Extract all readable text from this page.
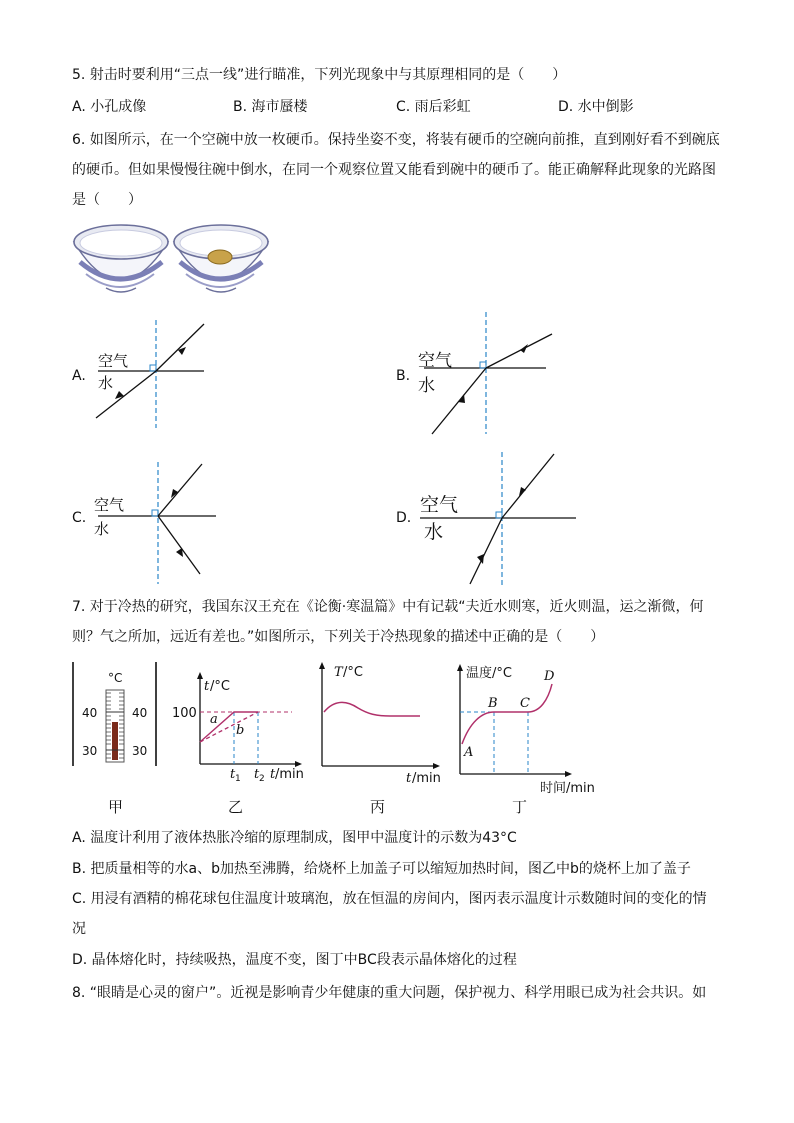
5. 射击时要利用“三点一线”进行瞄准，下列光现象中与其原理相同的是（　　）
A. 小孔成像	B. 海市蜃楼	C. 雨后彩虹	D. 水中倒影
6. 如图所示，在一个空碗中放一枚硬币。保持坐姿不变，将装有硬币的空碗向前推，直到刚好看不到碗底
的硬币。但如果慢慢往碗中倒水，在同一个观察位置又能看到碗中的硬币了。能正确解释此现象的光路图
是（　　）
A.
空气
水	B.
空气
水
C.
空气
水
D.
空气
水
7. 对于冷热的研究，我国东汉王充在《论衡·寒温篇》中有记载“夫近水则寒，近火则温，运之渐微，何
则？气之所加，远近有差也。”如图所示，下列关于冷热现象的描述中正确的是（　　）
°C
40	40
30	30
甲
t /°C
100 a
b
t 1 t 2 t /min
乙
T /°C
t /min
丙
温度/°C
A
B C
D
时间/min
丁
A. 温度计利用了液体热胀冷缩的原理制成，图甲中温度计的示数为43°C
B. 把质量相等的水a、b加热至沸腾，给烧杯上加盖子可以缩短加热时间，图乙中b的烧杯上加了盖子
C. 用浸有酒精的棉花球包住温度计玻璃泡，放在恒温的房间内，图丙表示温度计示数随时间的变化的情
况
D. 晶体熔化时，持续吸热，温度不变，图丁中BC段表示晶体熔化的过程
8. “眼睛是心灵的窗户”。近视是影响青少年健康的重大问题，保护视力、科学用眼已成为社会共识。如
